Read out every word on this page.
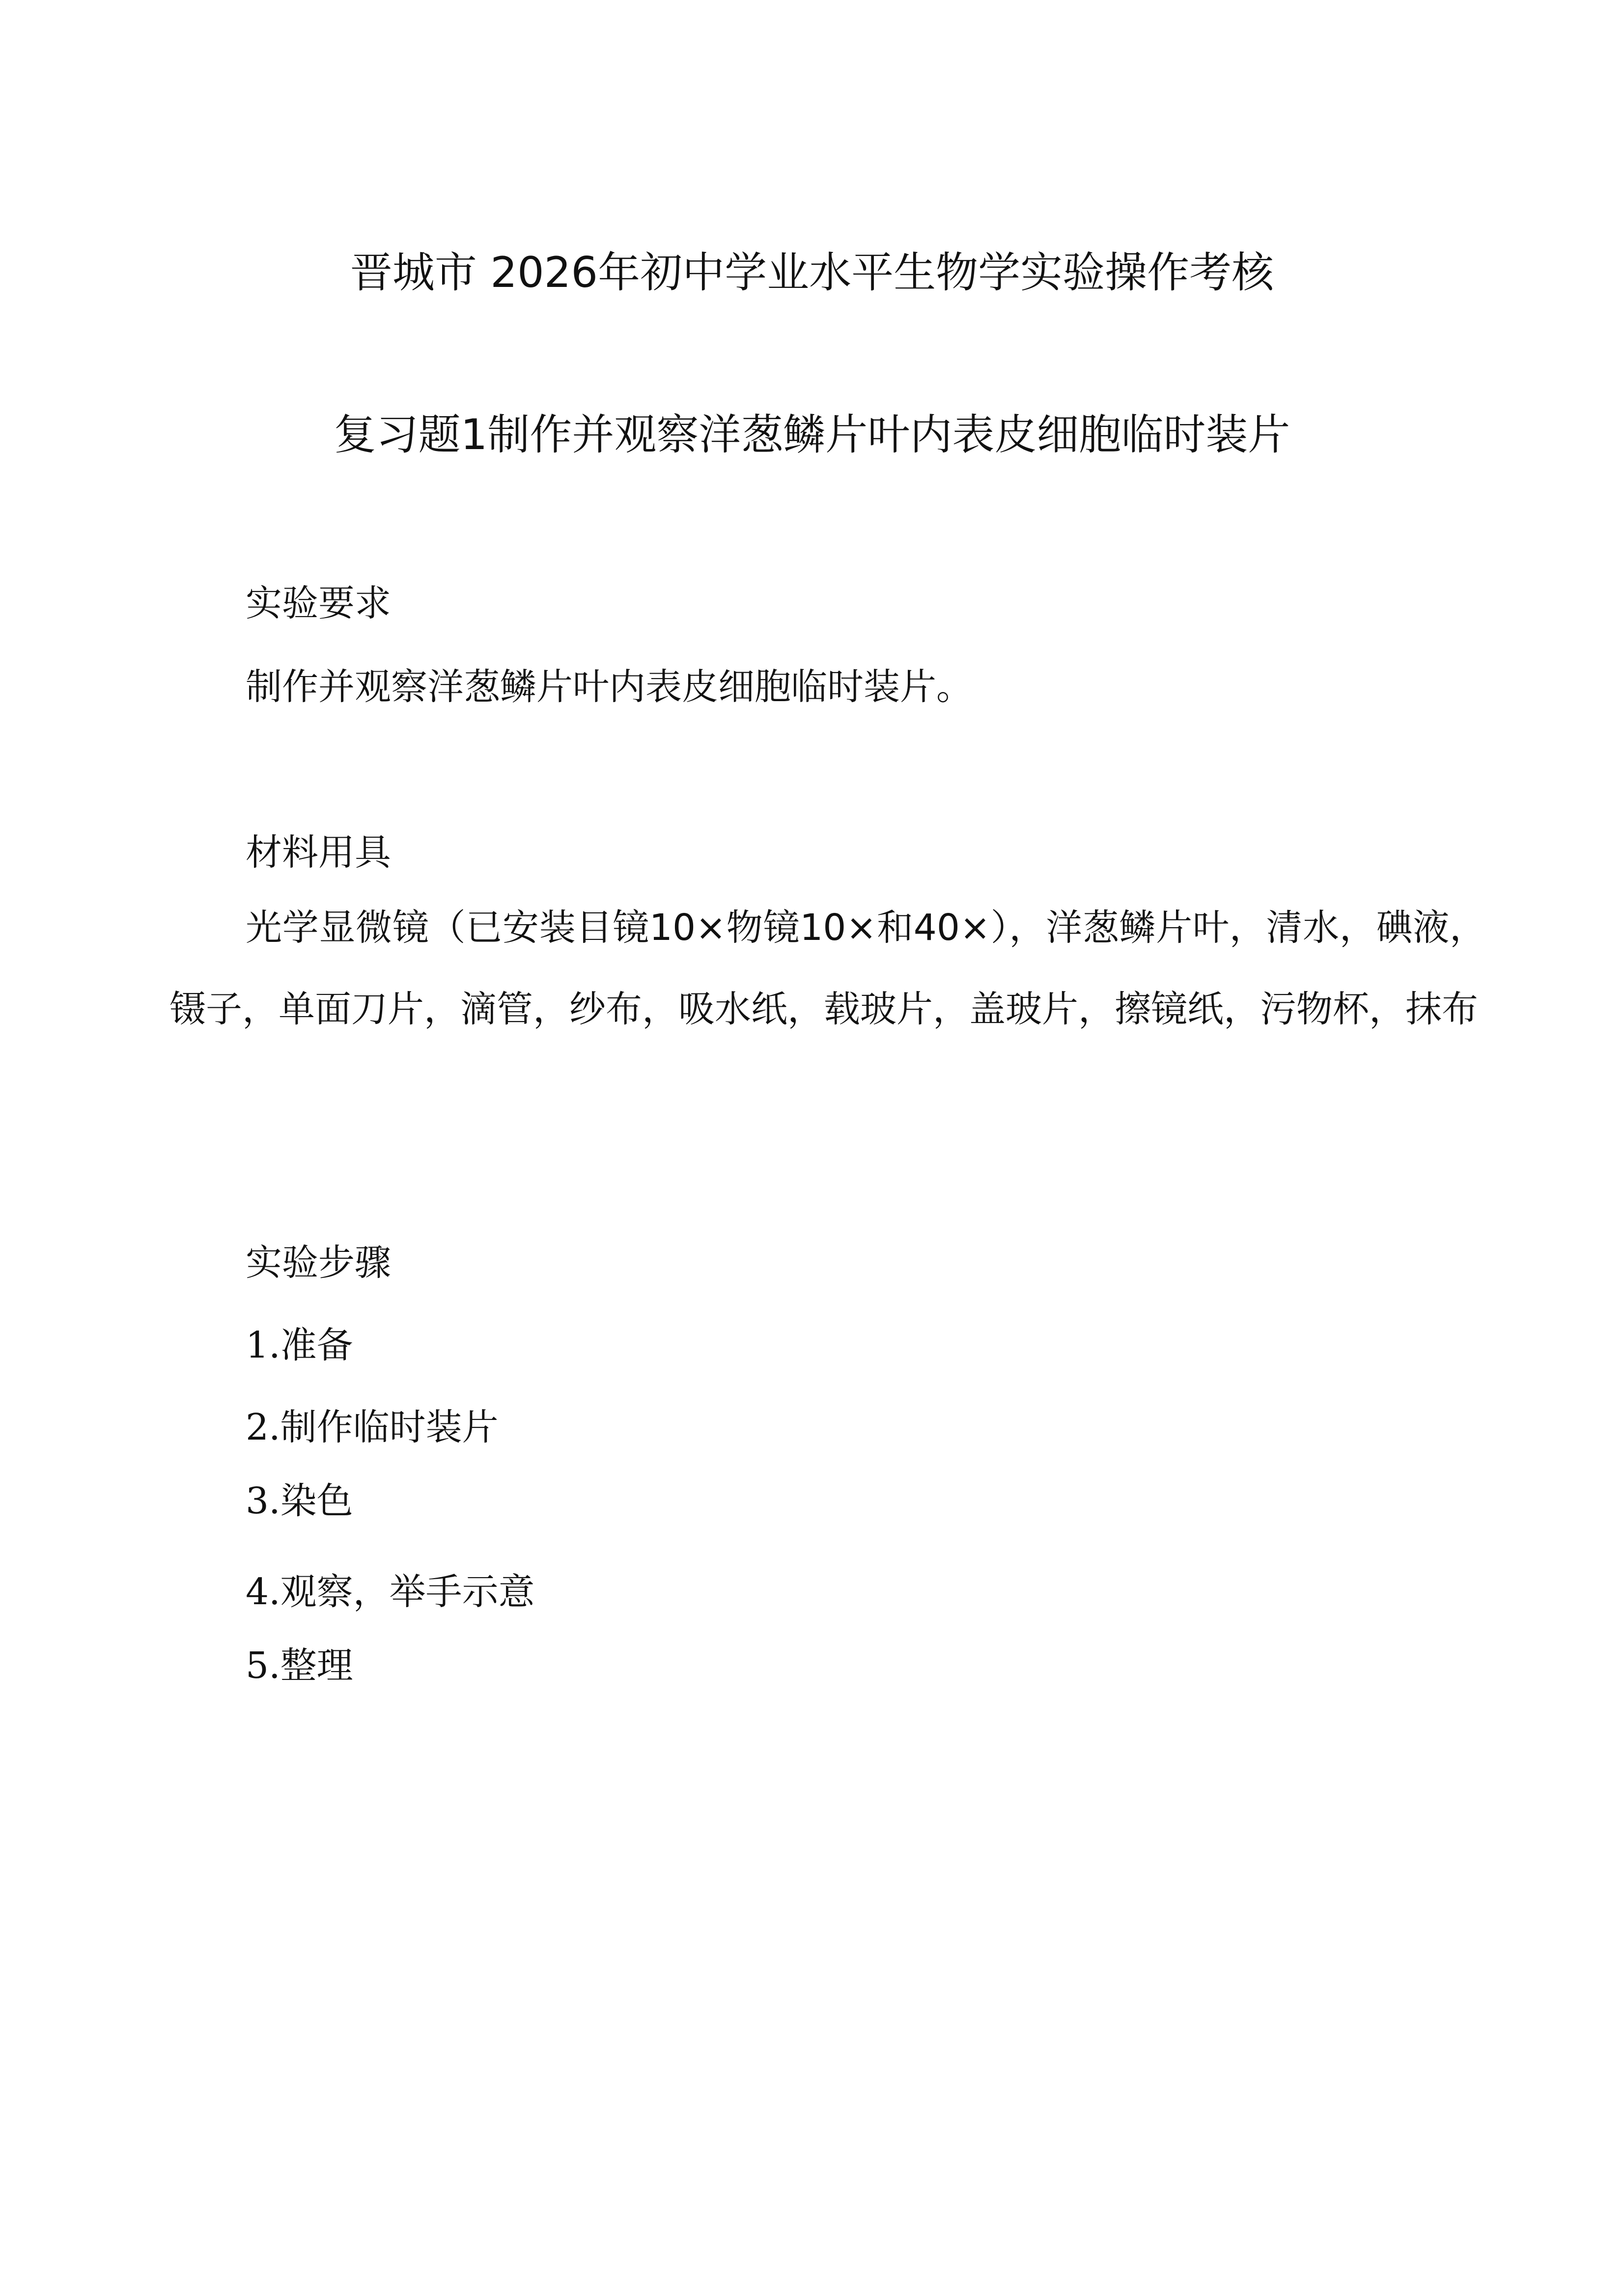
晋城市 2026年初中学业水平生物学实验操作考核
复习题1制作并观察洋葱鳞片叶内表皮细胞临时装片
实验要求
制作并观察洋葱鳞片叶内表皮细胞临时装片。
材料用具
光学显微镜（已安装目镜10×物镜10×和40×），洋葱鳞片叶，清水，碘液，镊子，单面刀片，滴管，纱布，吸水纸，载玻片，盖玻片，擦镜纸，污物杯，抹布
实验步骤
1.准备
2.制作临时装片
3.染色
4.观察，举手示意
5.整理
